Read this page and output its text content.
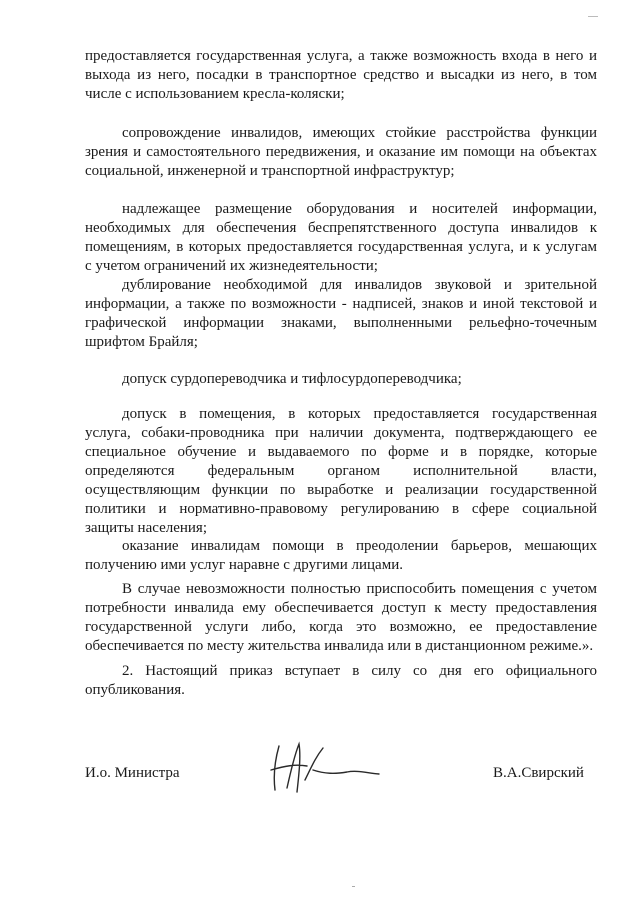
предоставляется государственная услуга, а также возможность входа в него и
выхода из него, посадки в транспортное средство и высадки из него, в том
числе с использованием кресла-коляски;

сопровождение инвалидов, имеющих стойкие расстройства функции
зрения и самостоятельного передвижения, и оказание им помощи на объектах
социальной, инженерной и транспортной инфраструктур;

надлежащее размещение оборудования и носителей информации,
необходимых для обеспечения беспрепятственного доступа инвалидов к
помещениям, в которых предоставляется государственная услуга, и к услугам
с учетом ограничений их жизнедеятельности;

дублирование необходимой для инвалидов звуковой и зрительной
информации, а также по возможности - надписей, знаков и иной текстовой и
графической информации знаками, выполненными рельефно-точечным
шрифтом Брайля;

допуск сурдопереводчика и тифлосурдопереводчика;

допуск в помещения, в которых предоставляется государственная
услуга, собаки-проводника при наличии документа, подтверждающего ее
специальное обучение и выдаваемого по форме и в порядке, которые
определяются федеральным органом исполнительной власти,
осуществляющим функции по выработке и реализации государственной
политики и нормативно-правовому регулированию в сфере социальной
защиты населения;

оказание инвалидам помощи в преодолении барьеров, мешающих
получению ими услуг наравне с другими лицами.

В случае невозможности полностью приспособить помещения с учетом
потребности инвалида ему обеспечивается доступ к месту предоставления
государственной услуги либо, когда это возможно, ее предоставление
обеспечивается по месту жительства инвалида или в дистанционном режиме.».

2. Настоящий приказ вступает в силу со дня его официального
опубликования.

И.о. Министра	В.А.Свирский
